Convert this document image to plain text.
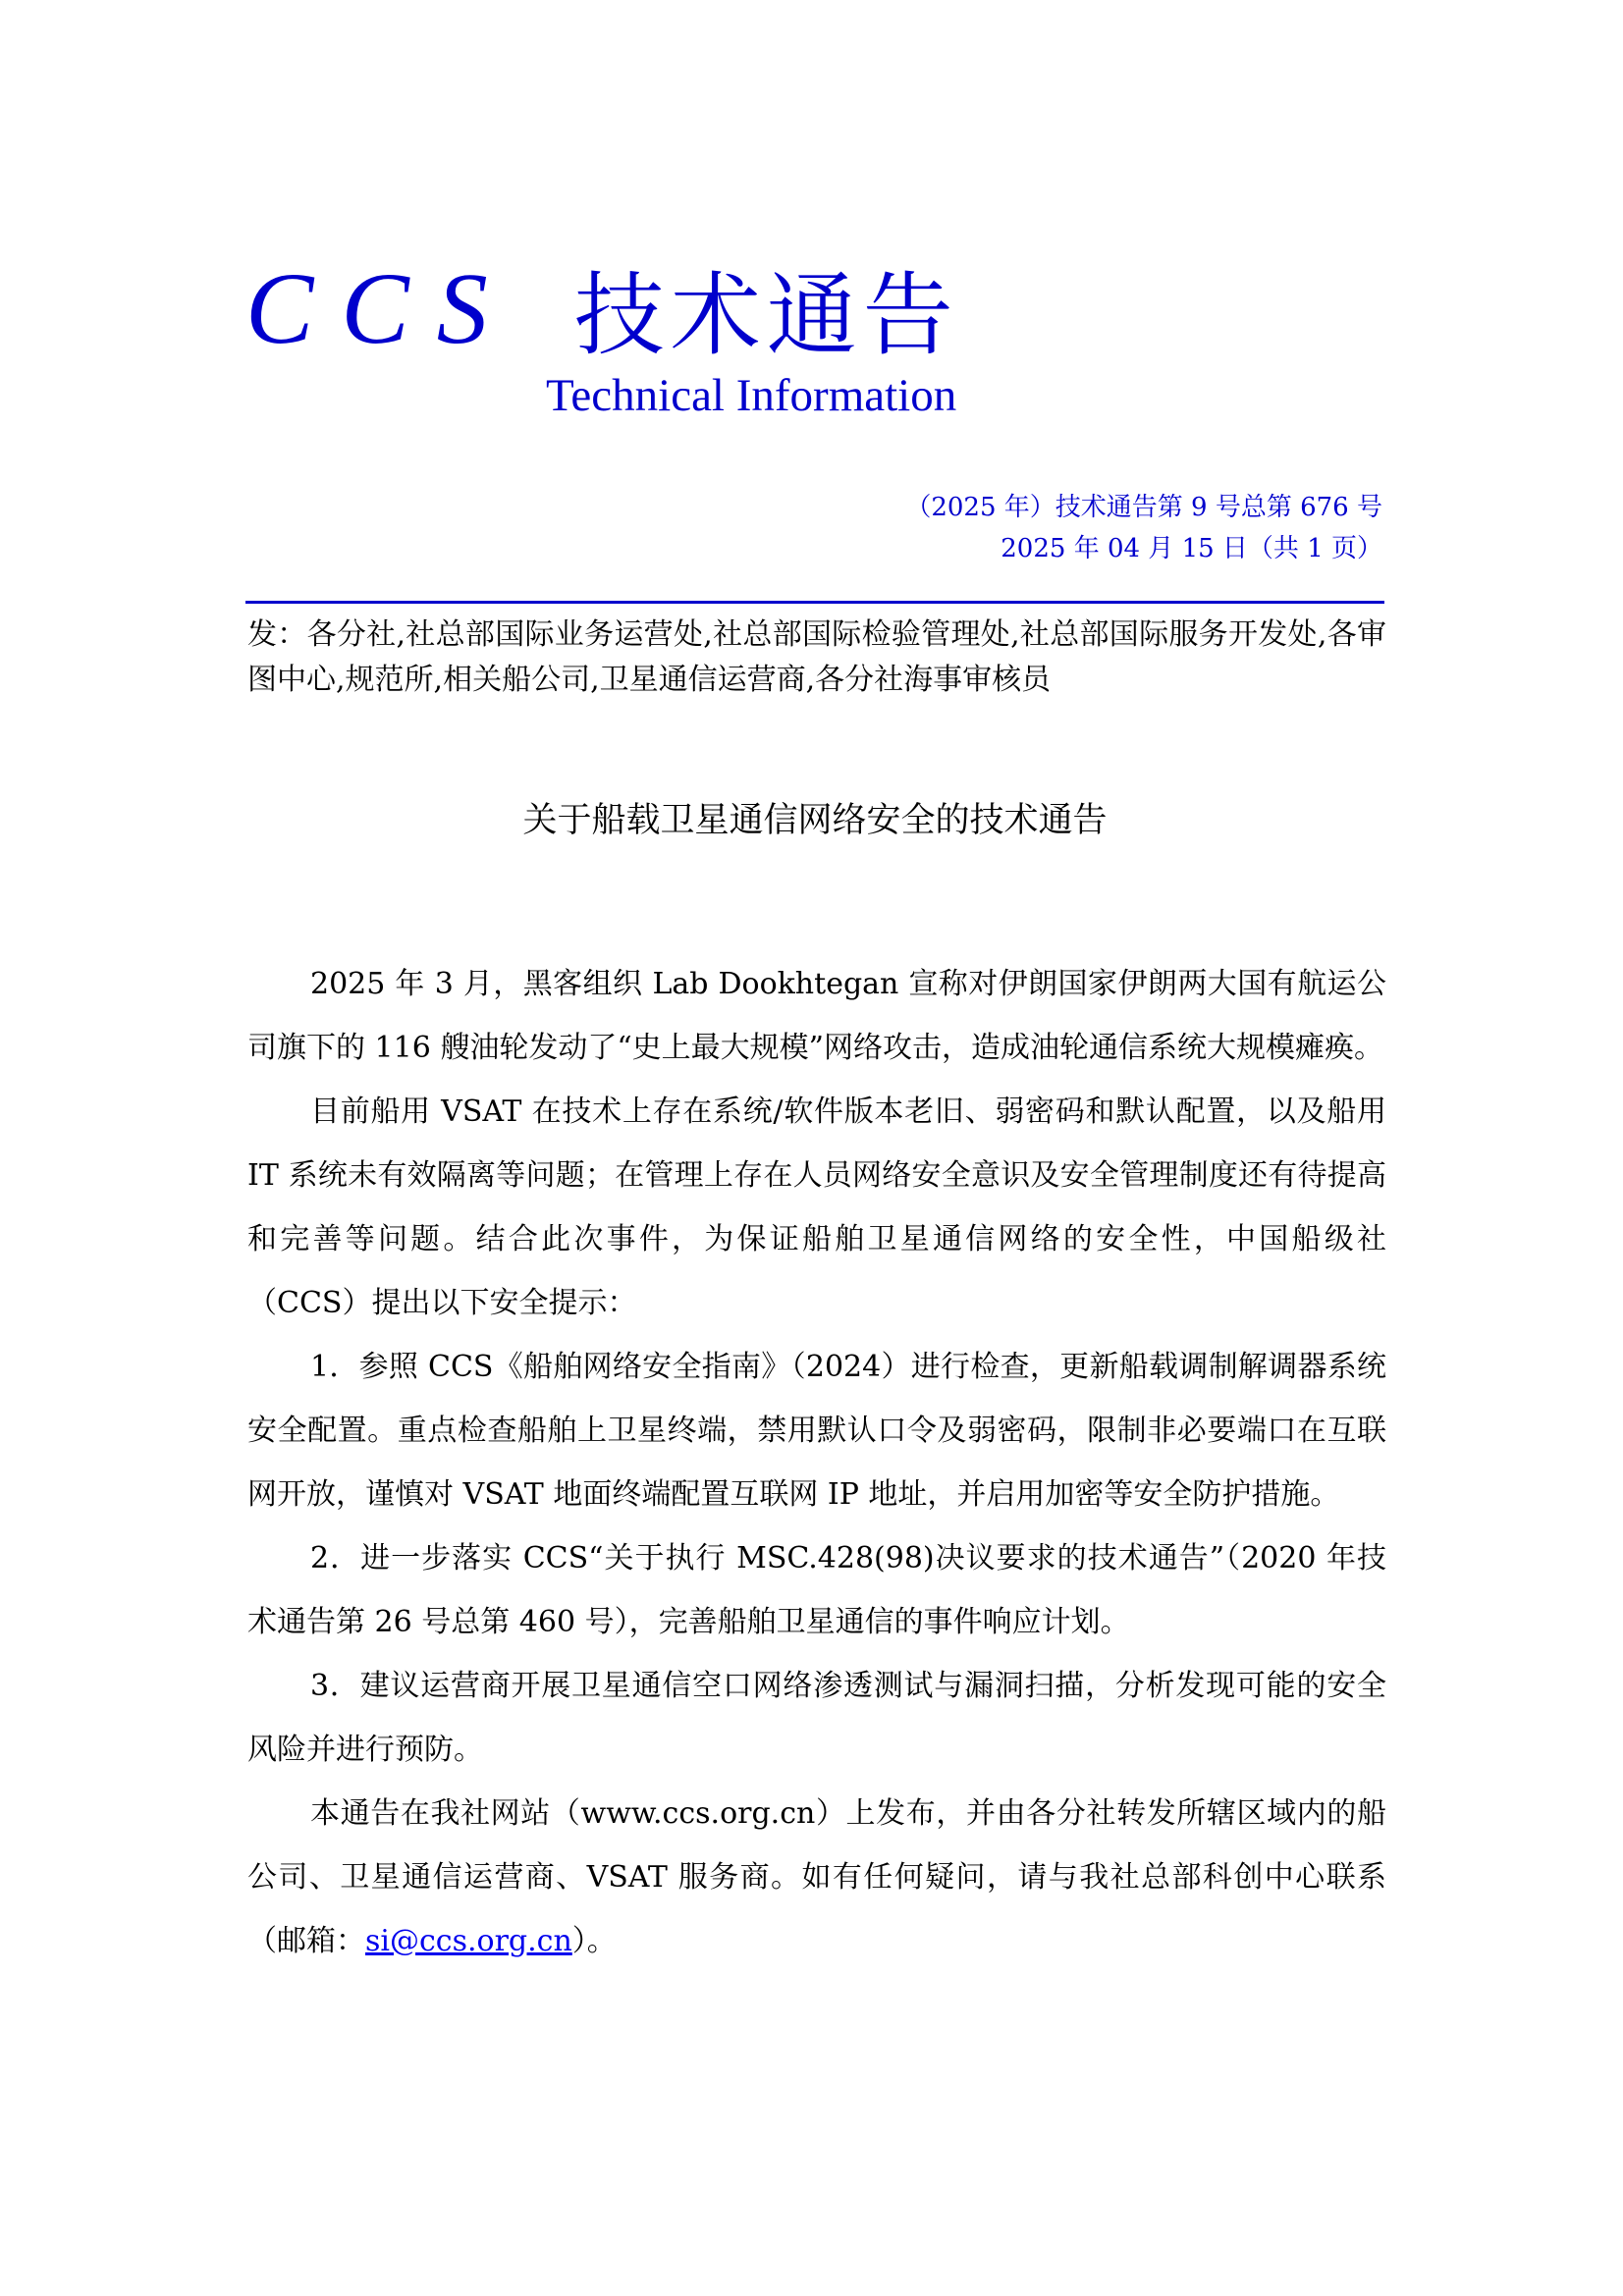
CCS 技术通告
Technical Information
（2025 年）技术通告第 9 号总第 676 号
2025 年 04 月 15 日（共 1 页）
发：各分社,社总部国际业务运营处,社总部国际检验管理处,社总部国际服务开发处,各审图中心,规范所,相关船公司,卫星通信运营商,各分社海事审核员
关于船载卫星通信网络安全的技术通告

2025 年 3 月，黑客组织 Lab Dookhtegan 宣称对伊朗国家伊朗两大国有航运公司旗下的 116 艘油轮发动了“史上最大规模”网络攻击，造成油轮通信系统大规模瘫痪。

目前船用 VSAT 在技术上存在系统/软件版本老旧、弱密码和默认配置，以及船用 IT 系统未有效隔离等问题；在管理上存在人员网络安全意识及安全管理制度还有待提高和完善等问题。结合此次事件，为保证船舶卫星通信网络的安全性，中国船级社（CCS）提出以下安全提示：

1．参照 CCS《船舶网络安全指南》（2024）进行检查，更新船载调制解调器系统安全配置。重点检查船舶上卫星终端，禁用默认口令及弱密码，限制非必要端口在互联网开放，谨慎对 VSAT 地面终端配置互联网 IP 地址，并启用加密等安全防护措施。

2．进一步落实 CCS“关于执行 MSC.428(98)决议要求的技术通告”（2020 年技术通告第 26 号总第 460 号），完善船舶卫星通信的事件响应计划。

3．建议运营商开展卫星通信空口网络渗透测试与漏洞扫描，分析发现可能的安全风险并进行预防。

本通告在我社网站（www.ccs.org.cn）上发布，并由各分社转发所辖区域内的船公司、卫星通信运营商、VSAT 服务商。如有任何疑问，请与我社总部科创中心联系（邮箱：si@ccs.org.cn）。
